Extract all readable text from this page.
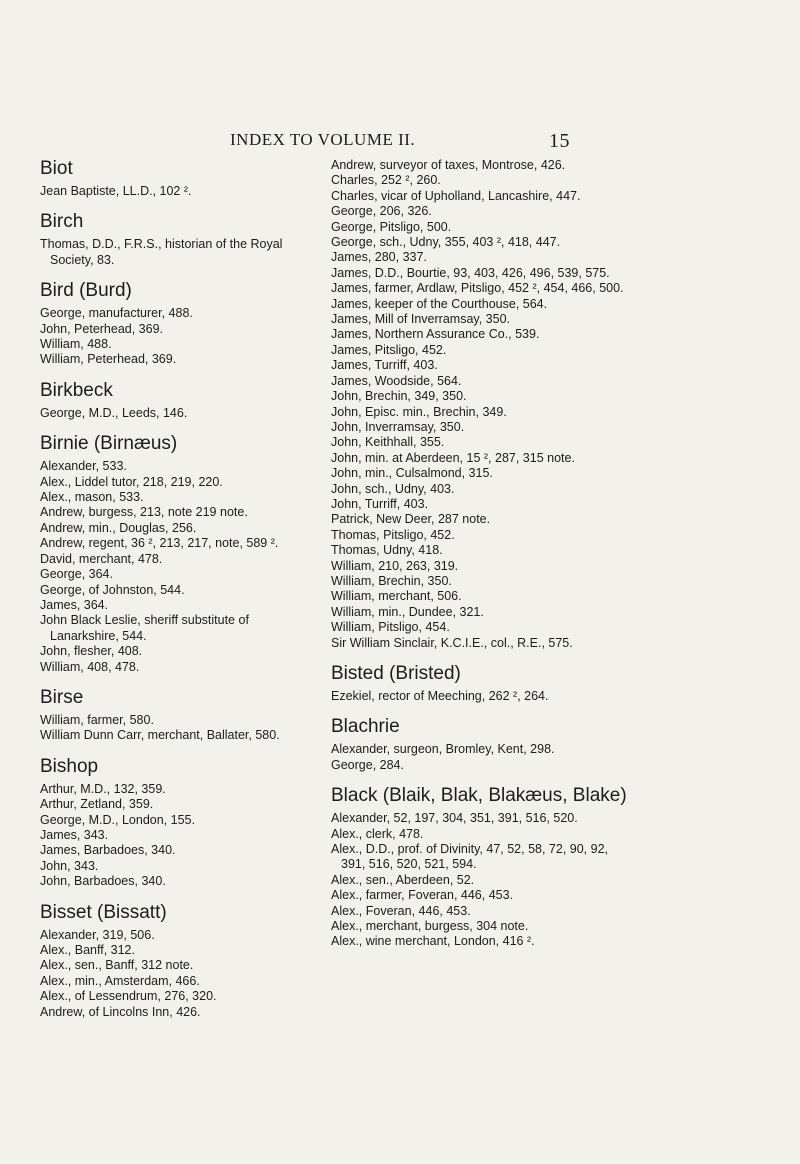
INDEX TO VOLUME II.	15
Biot
Jean Baptiste, LL.D., 102 ².
Birch
Thomas, D.D., F.R.S., historian of the Royal Society, 83.
Bird (Burd)
George, manufacturer, 488.
John, Peterhead, 369.
William, 488.
William, Peterhead, 369.
Birkbeck
George, M.D., Leeds, 146.
Birnie (Birnæus)
Alexander, 533.
Alex., Liddel tutor, 218, 219, 220.
Alex., mason, 533.
Andrew, burgess, 213, note 219 note.
Andrew, min., Douglas, 256.
Andrew, regent, 36 ², 213, 217, note, 589 ².
David, merchant, 478.
George, 364.
George, of Johnston, 544.
James, 364.
John Black Leslie, sheriff substitute of Lanarkshire, 544.
John, flesher, 408.
William, 408, 478.
Birse
William, farmer, 580.
William Dunn Carr, merchant, Ballater, 580.
Bishop
Arthur, M.D., 132, 359.
Arthur, Zetland, 359.
George, M.D., London, 155.
James, 343.
James, Barbadoes, 340.
John, 343.
John, Barbadoes, 340.
Bisset (Bissatt)
Alexander, 319, 506.
Alex., Banff, 312.
Alex., sen., Banff, 312 note.
Alex., min., Amsterdam, 466.
Alex., of Lessendrum, 276, 320.
Andrew, of Lincolns Inn, 426.
Andrew, surveyor of taxes, Montrose, 426.
Charles, 252 ², 260.
Charles, vicar of Upholland, Lancashire, 447.
George, 206, 326.
George, Pitsligo, 500.
George, sch., Udny, 355, 403 ², 418, 447.
James, 280, 337.
James, D.D., Bourtie, 93, 403, 426, 496, 539, 575.
James, farmer, Ardlaw, Pitsligo, 452 ², 454, 466, 500.
James, keeper of the Courthouse, 564.
James, Mill of Inverramsay, 350.
James, Northern Assurance Co., 539.
James, Pitsligo, 452.
James, Turriff, 403.
James, Woodside, 564.
John, Brechin, 349, 350.
John, Episc. min., Brechin, 349.
John, Inverramsay, 350.
John, Keithhall, 355.
John, min. at Aberdeen, 15 ², 287, 315 note.
John, min., Culsalmond, 315.
John, sch., Udny, 403.
John, Turriff, 403.
Patrick, New Deer, 287 note.
Thomas, Pitsligo, 452.
Thomas, Udny, 418.
William, 210, 263, 319.
William, Brechin, 350.
William, merchant, 506.
William, min., Dundee, 321.
William, Pitsligo, 454.
Sir William Sinclair, K.C.I.E., col., R.E., 575.
Bisted (Bristed)
Ezekiel, rector of Meeching, 262 ², 264.
Blachrie
Alexander, surgeon, Bromley, Kent, 298.
George, 284.
Black (Blaik, Blak, Blakæus, Blake)
Alexander, 52, 197, 304, 351, 391, 516, 520.
Alex., clerk, 478.
Alex., D.D., prof. of Divinity, 47, 52, 58, 72, 90, 92, 391, 516, 520, 521, 594.
Alex., sen., Aberdeen, 52.
Alex., farmer, Foveran, 446, 453.
Alex., Foveran, 446, 453.
Alex., merchant, burgess, 304 note.
Alex., wine merchant, London, 416 ².
